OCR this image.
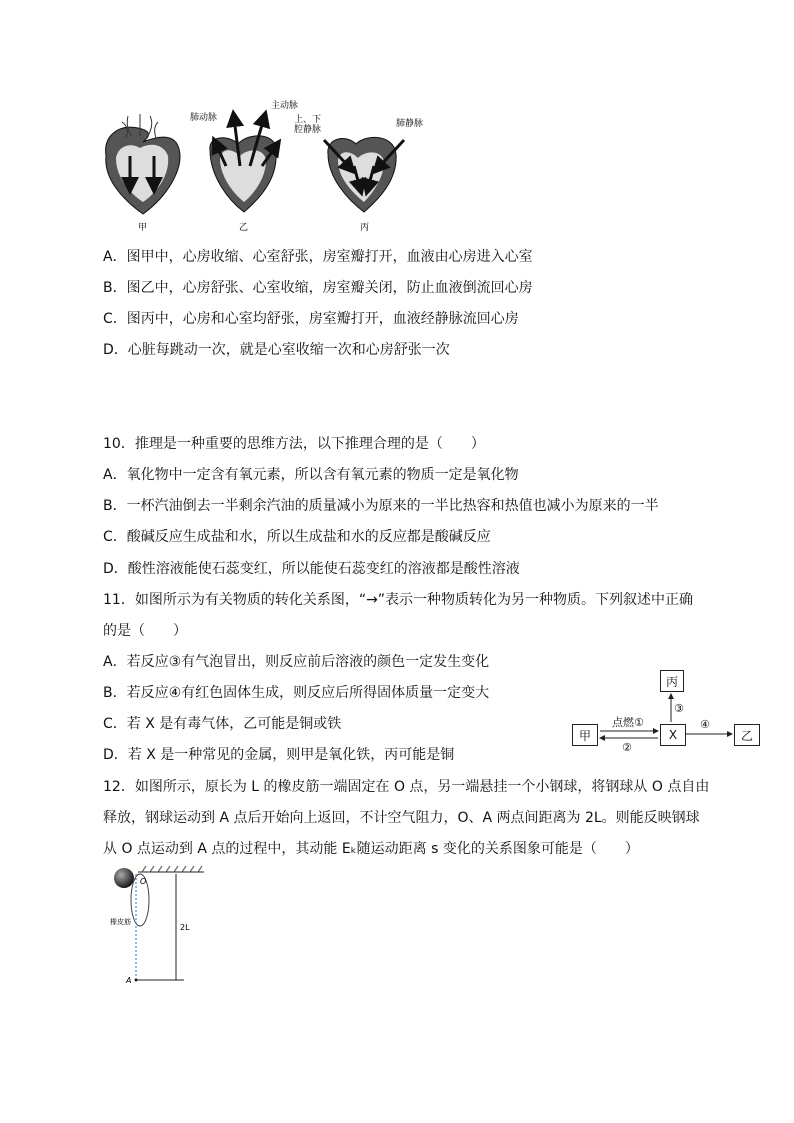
肺动脉
主动脉
上、下
腔静脉
肺静脉
甲	乙	丙
A．图甲中，心房收缩、心室舒张，房室瓣打开，血液由心房进入心室
B．图乙中，心房舒张、心室收缩，房室瓣关闭，防止血液倒流回心房
C．图丙中，心房和心室均舒张，房室瓣打开，血液经静脉流回心房
D．心脏每跳动一次，就是心室收缩一次和心房舒张一次
10．推理是一种重要的思维方法，以下推理合理的是（　　）
A．氧化物中一定含有氧元素，所以含有氧元素的物质一定是氧化物
B．一杯汽油倒去一半剩余汽油的质量减小为原来的一半比热容和热值也减小为原来的一半
C．酸碱反应生成盐和水，所以生成盐和水的反应都是酸碱反应
D．酸性溶液能使石蕊变红，所以能使石蕊变红的溶液都是酸性溶液
11．如图所示为有关物质的转化关系图，“→”表示一种物质转化为另一种物质。下列叙述中正确
的是（　　）
A．若反应③有气泡冒出，则反应前后溶液的颜色一定发生变化
B．若反应④有红色固体生成，则反应后所得固体质量一定变大
C．若 X 是有毒气体，乙可能是铜或铁
D．若 X 是一种常见的金属，则甲是氧化铁，丙可能是铜
丙
甲	X	乙
点燃①
②
③
④
12．如图所示，原长为 L 的橡皮筋一端固定在 O 点，另一端悬挂一个小钢球，将钢球从 O 点自由
释放，钢球运动到 A 点后开始向上返回，不计空气阻力，O、A 两点间距离为 2L。则能反映钢球
从 O 点运动到 A 点的过程中，其动能 Eₖ随运动距离 s 变化的关系图象可能是（　　）
O
A
橡皮筋
2L
